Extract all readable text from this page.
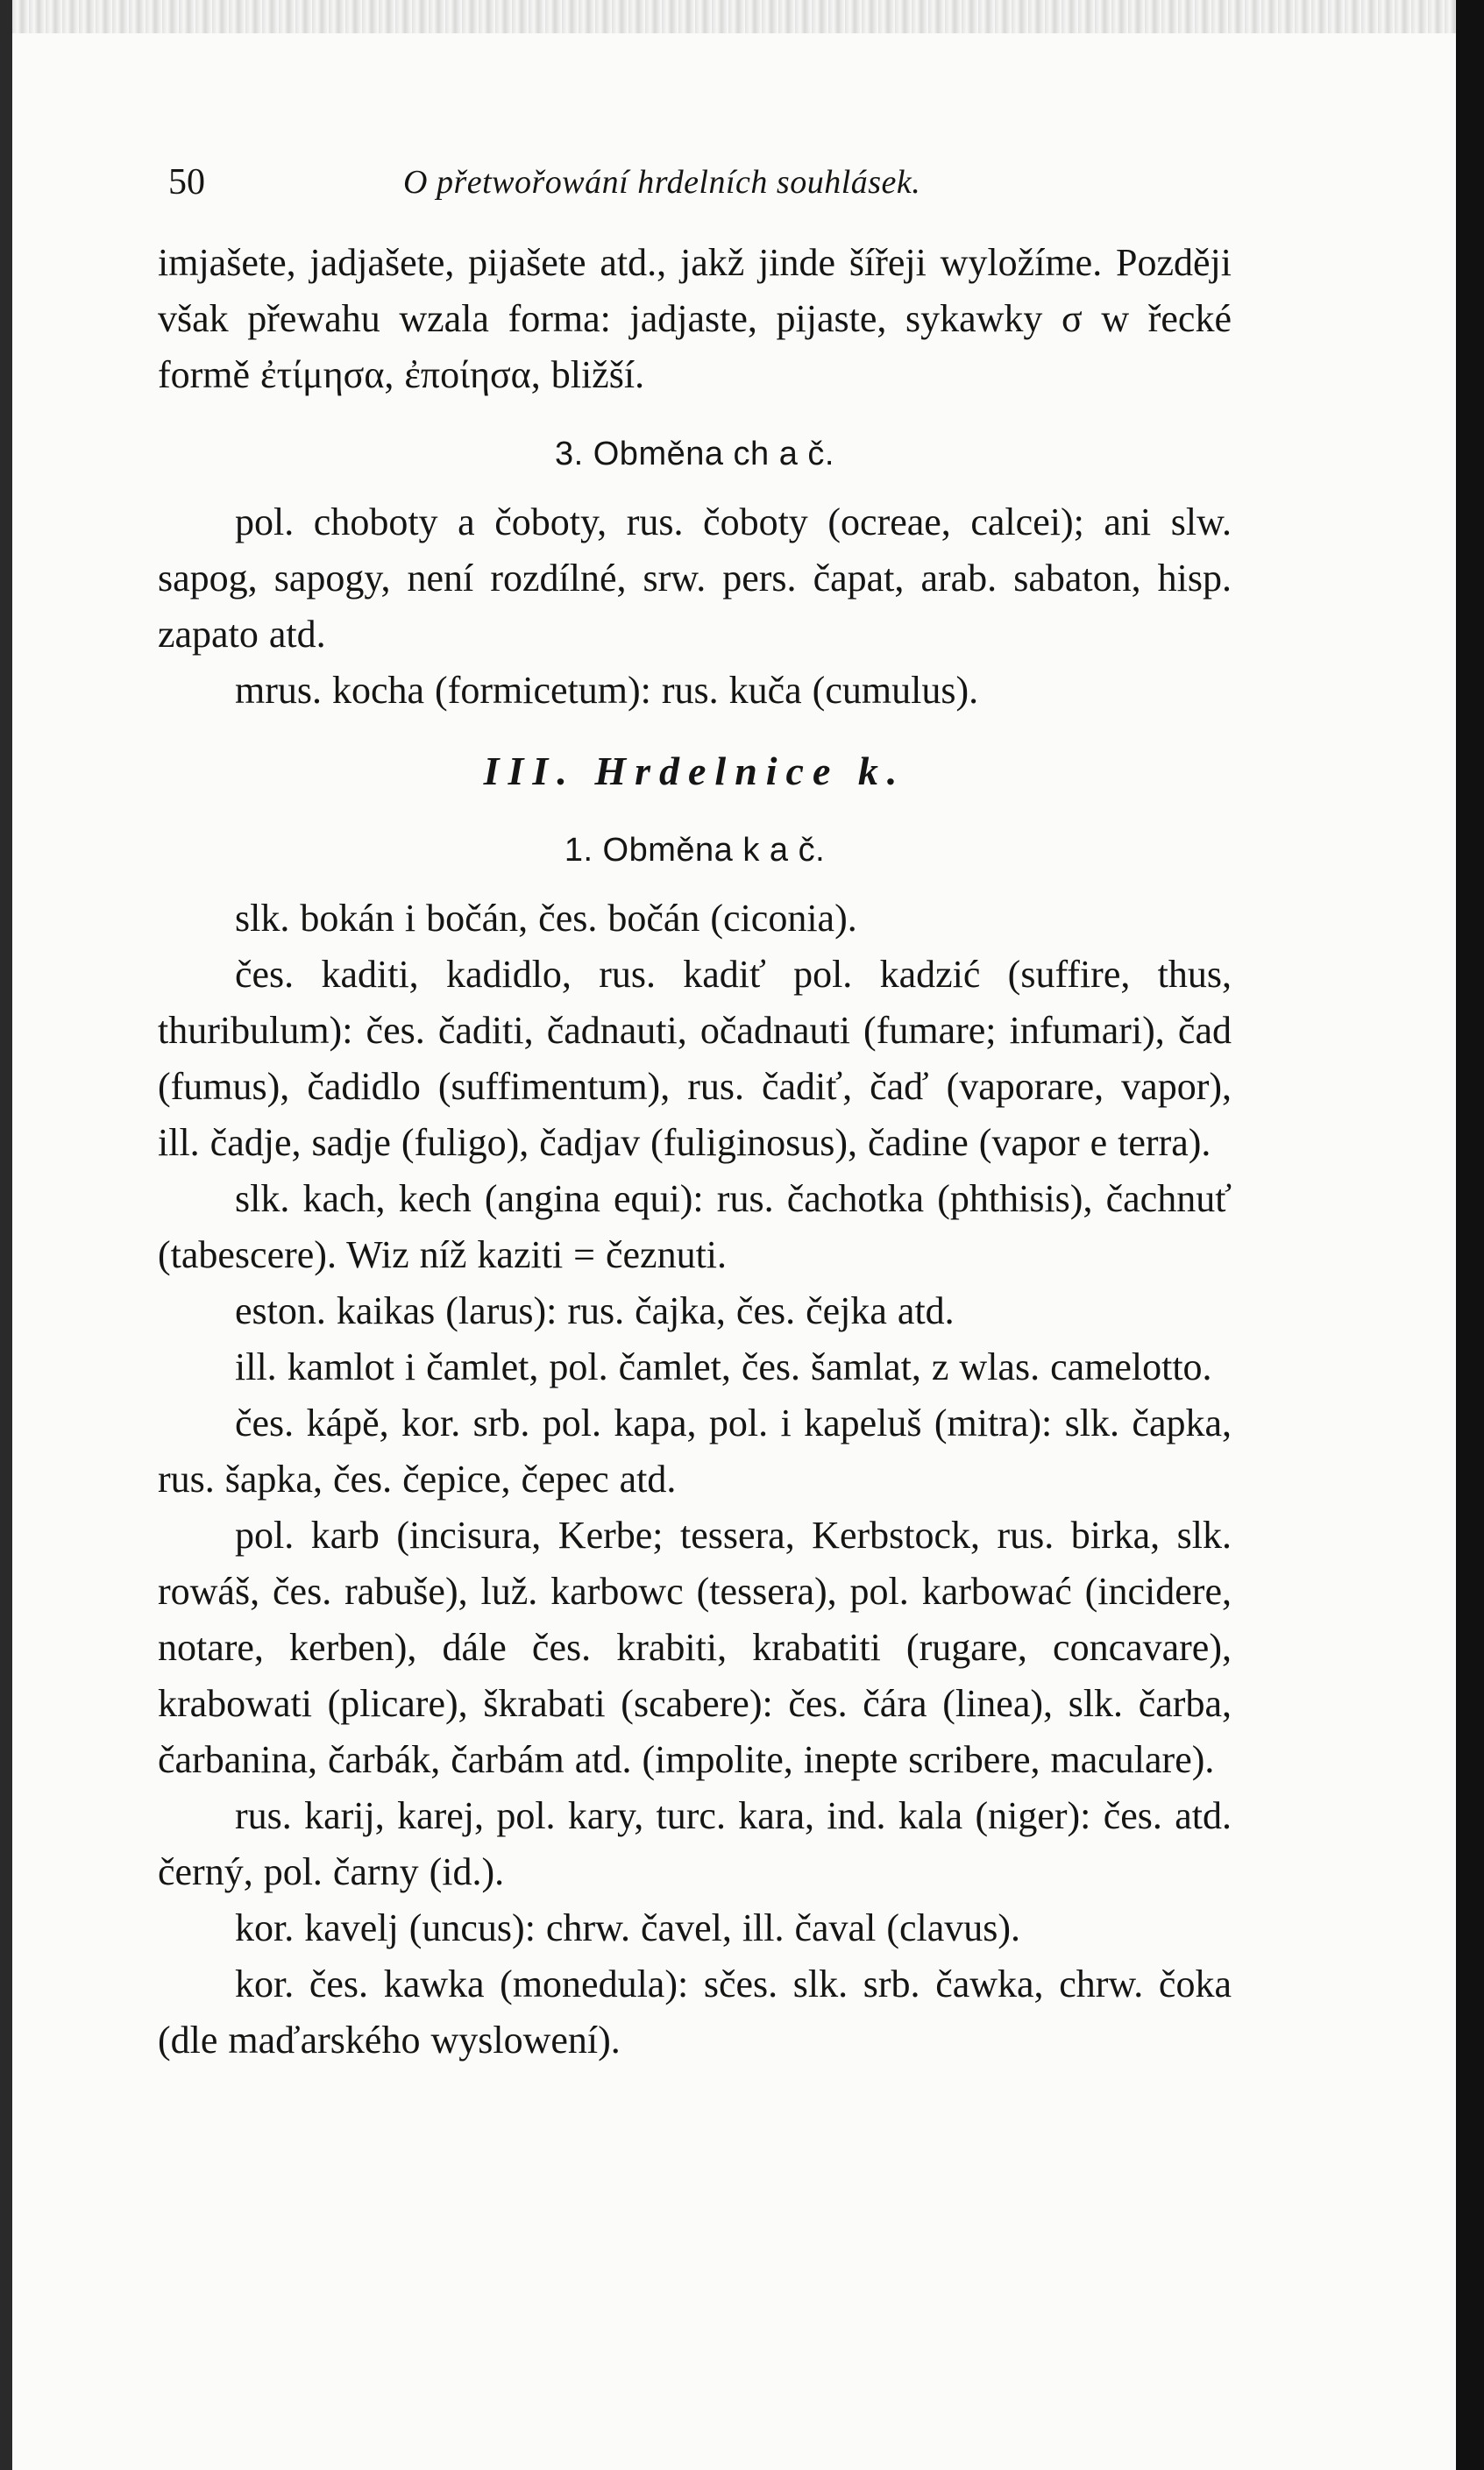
50	O přetwořowání hrdelních souhlásek.

imjašete, jadjašete, pijašete atd., jakž jinde šířeji wyložíme. Později však přewahu wzala forma: jadjaste, pijaste, sykawky σ w řecké formě ἐτίμησα, ἐποίησα, bližší.

3. Obměna ch a č.

pol. choboty a čoboty, rus. čoboty (ocreae, calcei); ani slw. sapog, sapogy, není rozdílné, srw. pers. čapat, arab. sabaton, hisp. zapato atd.

mrus. kocha (formicetum): rus. kuča (cumulus).

III. Hrdelnice k.
1. Obměna k a č.

slk. bokán i bočán, čes. bočán (ciconia).

čes. kaditi, kadidlo, rus. kadiť pol. kadzić (suffire, thus, thuribulum): čes. čaditi, čadnauti, očadnauti (fumare; infumari), čad (fumus), čadidlo (suffimentum), rus. čadiť, čaď (vaporare, vapor), ill. čadje, sadje (fuligo), čadjav (fuliginosus), čadine (vapor e terra).

slk. kach, kech (angina equi): rus. čachotka (phthisis), čachnuť (tabescere). Wiz níž kaziti = čeznuti.

eston. kaikas (larus): rus. čajka, čes. čejka atd.

ill. kamlot i čamlet, pol. čamlet, čes. šamlat, z wlas. camelotto.

čes. kápě, kor. srb. pol. kapa, pol. i kapeluš (mitra): slk. čapka, rus. šapka, čes. čepice, čepec atd.

pol. karb (incisura, Kerbe; tessera, Kerbstock, rus. birka, slk. rowáš, čes. rabuše), luž. karbowc (tessera), pol. karbować (incidere, notare, kerben), dále čes. krabiti, krabatiti (rugare, concavare), krabowati (plicare), škrabati (scabere): čes. čára (linea), slk. čarba, čarbanina, čarbák, čarbám atd. (impolite, inepte scribere, maculare).

rus. karij, karej, pol. kary, turc. kara, ind. kala (niger): čes. atd. černý, pol. čarny (id.).

kor. kavelj (uncus): chrw. čavel, ill. čaval (clavus).

kor. čes. kawka (monedula): sčes. slk. srb. čawka, chrw. čoka (dle maďarského wyslowení).
